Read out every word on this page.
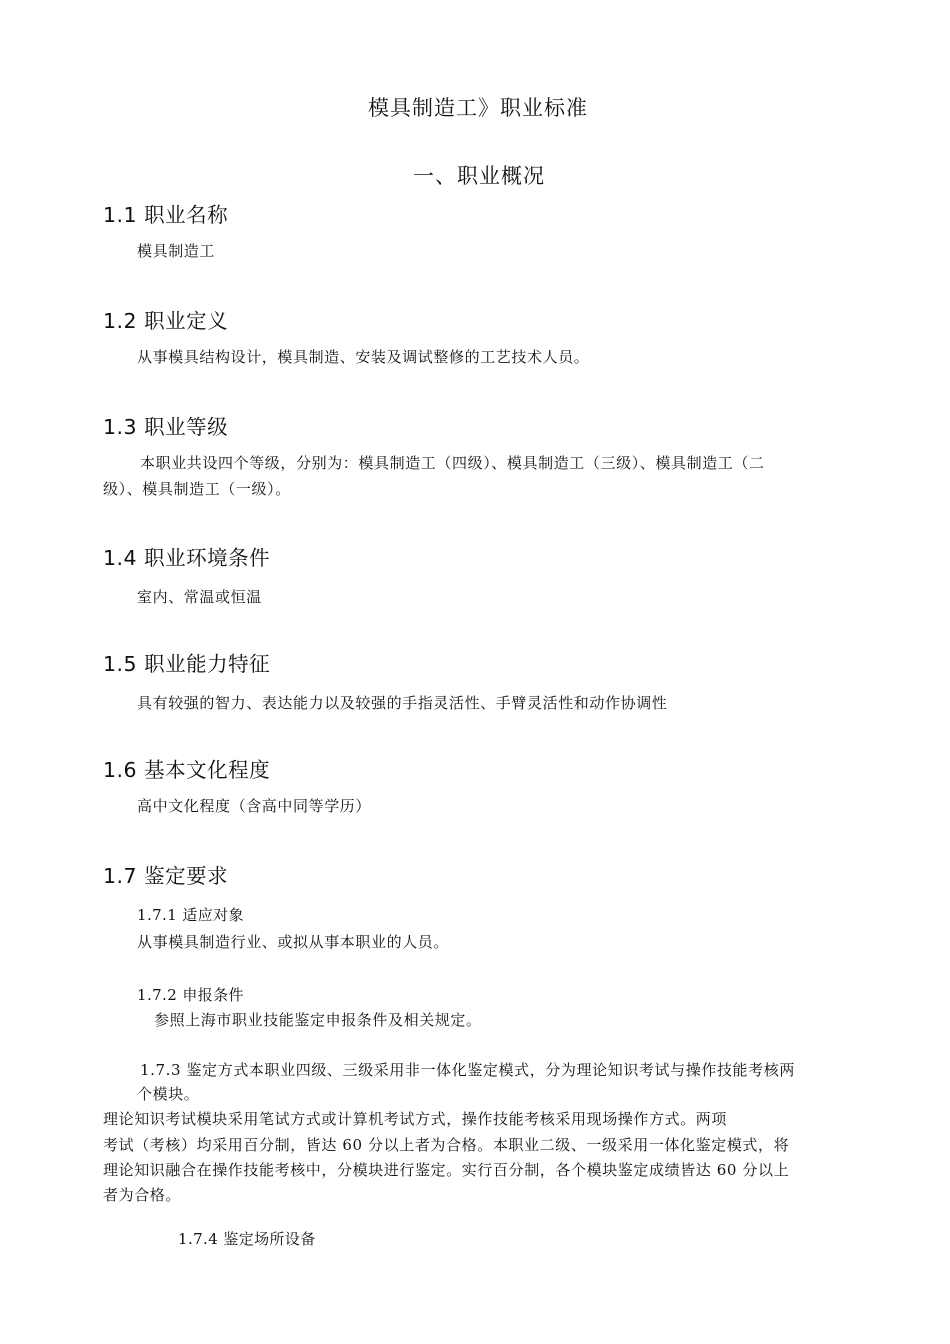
模具制造工》职业标准
一、职业概况
1.1 职业名称
模具制造工
1.2 职业定义
从事模具结构设计，模具制造、安装及调试整修的工艺技术人员。
1.3 职业等级
本职业共设四个等级，分别为：模具制造工（四级）、模具制造工（三级）、模具制造工（二
级）、模具制造工（一级）。
1.4 职业环境条件
室内、常温或恒温
1.5 职业能力特征
具有较强的智力、表达能力以及较强的手指灵活性、手臂灵活性和动作协调性
1.6 基本文化程度
高中文化程度（含高中同等学历）
1.7 鉴定要求
1.7.1 适应对象
从事模具制造行业、或拟从事本职业的人员。
1.7.2 申报条件
参照上海市职业技能鉴定申报条件及相关规定。
1.7.3 鉴定方式本职业四级、三级采用非一体化鉴定模式，分为理论知识考试与操作技能考核两
个模块。
理论知识考试模块采用笔试方式或计算机考试方式，操作技能考核采用现场操作方式。两项
考试（考核）均采用百分制，皆达 60 分以上者为合格。本职业二级、一级采用一体化鉴定模式，将
理论知识融合在操作技能考核中，分模块进行鉴定。实行百分制，各个模块鉴定成绩皆达 60 分以上
者为合格。
1.7.4 鉴定场所设备
